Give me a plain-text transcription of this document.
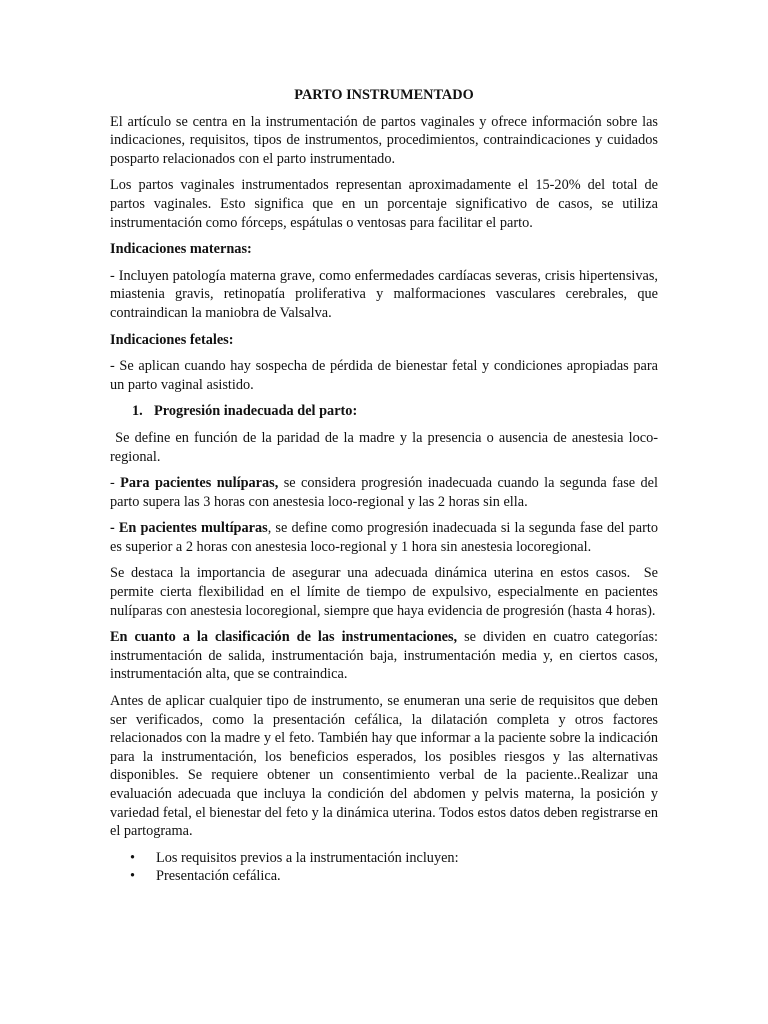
PARTO INSTRUMENTADO

El artículo se centra en la instrumentación de partos vaginales y ofrece información sobre las indicaciones, requisitos, tipos de instrumentos, procedimientos, contraindicaciones y cuidados posparto relacionados con el parto instrumentado.

Los partos vaginales instrumentados representan aproximadamente el 15-20% del total de partos vaginales. Esto significa que en un porcentaje significativo de casos, se utiliza instrumentación como fórceps, espátulas o ventosas para facilitar el parto.

Indicaciones maternas:

- Incluyen patología materna grave, como enfermedades cardíacas severas, crisis hipertensivas, miastenia gravis, retinopatía proliferativa y malformaciones vasculares cerebrales, que contraindican la maniobra de Valsalva.

Indicaciones fetales:

- Se aplican cuando hay sospecha de pérdida de bienestar fetal y condiciones apropiadas para un parto vaginal asistido.

1. Progresión inadecuada del parto:

Se define en función de la paridad de la madre y la presencia o ausencia de anestesia loco-regional.

- Para pacientes nulíparas, se considera progresión inadecuada cuando la segunda fase del parto supera las 3 horas con anestesia loco-regional y las 2 horas sin ella.

- En pacientes multíparas, se define como progresión inadecuada si la segunda fase del parto es superior a 2 horas con anestesia loco-regional y 1 hora sin anestesia locoregional.

Se destaca la importancia de asegurar una adecuada dinámica uterina en estos casos.  Se permite cierta flexibilidad en el límite de tiempo de expulsivo, especialmente en pacientes nulíparas con anestesia locoregional, siempre que haya evidencia de progresión (hasta 4 horas).

En cuanto a la clasificación de las instrumentaciones, se dividen en cuatro categorías: instrumentación de salida, instrumentación baja, instrumentación media y, en ciertos casos, instrumentación alta, que se contraindica.

Antes de aplicar cualquier tipo de instrumento, se enumeran una serie de requisitos que deben ser verificados, como la presentación cefálica, la dilatación completa y otros factores relacionados con la madre y el feto. También hay que informar a la paciente sobre la indicación para la instrumentación, los beneficios esperados, los posibles riesgos y las alternativas disponibles. Se requiere obtener un consentimiento verbal de la paciente..Realizar una evaluación adecuada que incluya la condición del abdomen y pelvis materna, la posición y variedad fetal, el bienestar del feto y la dinámica uterina. Todos estos datos deben registrarse en el partograma.

• Los requisitos previos a la instrumentación incluyen:
• Presentación cefálica.
